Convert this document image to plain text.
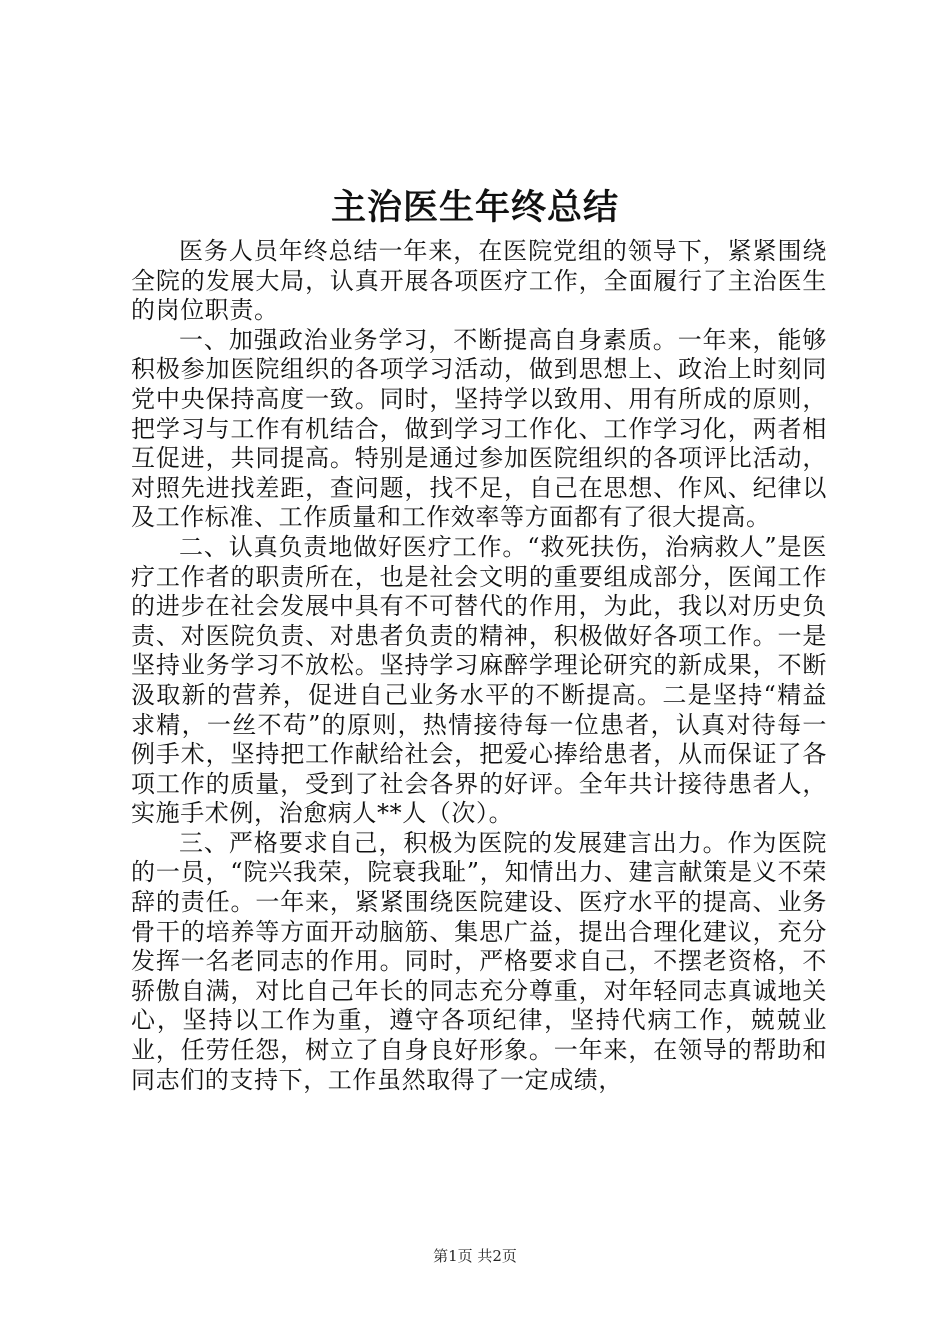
主治医生年终总结

医务人员年终总结一年来，在医院党组的领导下，紧紧围绕全院的发展大局，认真开展各项医疗工作，全面履行了主治医生的岗位职责。

一、加强政治业务学习，不断提高自身素质。一年来，能够积极参加医院组织的各项学习活动，做到思想上、政治上时刻同党中央保持高度一致。同时，坚持学以致用、用有所成的原则，把学习与工作有机结合，做到学习工作化、工作学习化，两者相互促进，共同提高。特别是通过参加医院组织的各项评比活动，对照先进找差距，查问题，找不足，自己在思想、作风、纪律以及工作标准、工作质量和工作效率等方面都有了很大提高。

二、认真负责地做好医疗工作。“救死扶伤，治病救人”是医疗工作者的职责所在，也是社会文明的重要组成部分，医闻工作的进步在社会发展中具有不可替代的作用，为此，我以对历史负责、对医院负责、对患者负责的精神，积极做好各项工作。一是坚持业务学习不放松。坚持学习麻醉学理论研究的新成果，不断汲取新的营养，促进自己业务水平的不断提高。二是坚持“精益求精，一丝不苟”的原则，热情接待每一位患者，认真对待每一例手术，坚持把工作献给社会，把爱心捧给患者，从而保证了各项工作的质量，受到了社会各界的好评。全年共计接待患者人，实施手术例，治愈病人**人（次）。

三、严格要求自己，积极为医院的发展建言出力。作为医院的一员，“院兴我荣，院衰我耻”，知情出力、建言献策是义不荣辞的责任。一年来，紧紧围绕医院建设、医疗水平的提高、业务骨干的培养等方面开动脑筋、集思广益，提出合理化建议，充分发挥一名老同志的作用。同时，严格要求自己，不摆老资格，不骄傲自满，对比自己年长的同志充分尊重，对年轻同志真诚地关心，坚持以工作为重，遵守各项纪律，坚持代病工作，兢兢业业，任劳任怨，树立了自身良好形象。一年来，在领导的帮助和同志们的支持下，工作虽然取得了一定成绩，

第1页 共2页
